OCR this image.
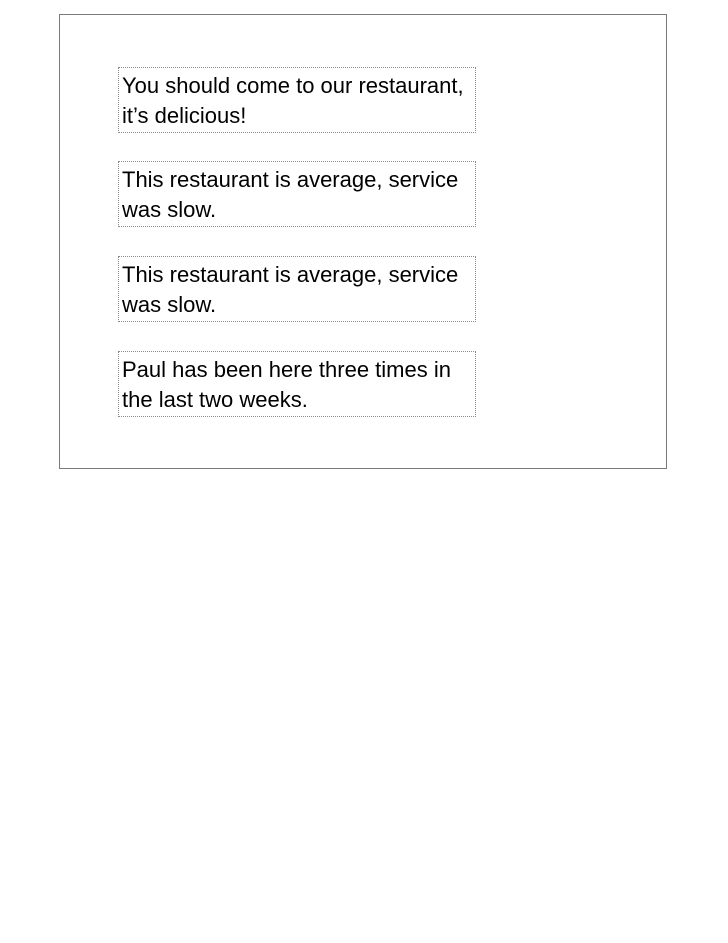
You should come to our restaurant, it’s delicious!
This restaurant is average, service was slow.
This restaurant is average, service was slow.
Paul has been here three times in the last two weeks.
